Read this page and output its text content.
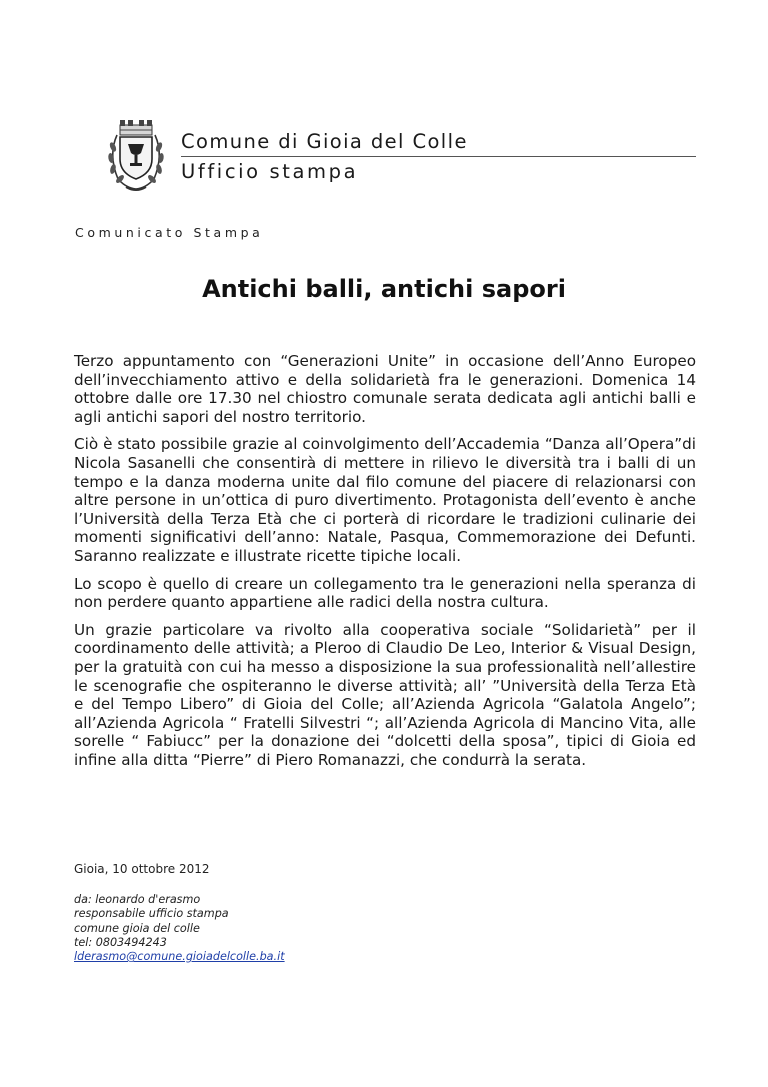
Comune di Gioia del Colle
Ufficio stampa
Comunicato Stampa
Antichi balli, antichi sapori

Terzo appuntamento con “Generazioni Unite” in occasione dell’Anno Europeo dell’invecchiamento attivo e della solidarietà fra le generazioni. Domenica 14 ottobre dalle ore 17.30 nel chiostro comunale serata dedicata agli antichi balli e agli antichi sapori del nostro territorio.

Ciò è stato possibile grazie al coinvolgimento dell’Accademia “Danza all’Opera”di Nicola Sasanelli che consentirà di mettere in rilievo le diversità tra i balli di un tempo e la danza moderna unite dal filo comune del piacere di relazionarsi con altre persone in un’ottica di puro divertimento. Protagonista dell’evento è anche l’Università della Terza Età che ci porterà di ricordare le tradizioni culinarie dei momenti significativi dell’anno: Natale, Pasqua, Commemorazione dei Defunti. Saranno realizzate e illustrate ricette tipiche locali.

Lo scopo è quello di creare un collegamento tra le generazioni nella speranza di non perdere quanto appartiene alle radici della nostra cultura.

Un grazie particolare va rivolto alla cooperativa sociale “Solidarietà” per il coordinamento delle attività; a Pleroo di Claudio De Leo, Interior & Visual Design, per la gratuità con cui ha messo a disposizione la sua professionalità nell’allestire le scenografie che ospiteranno le diverse attività; all’ ”Università della Terza Età e del Tempo Libero” di Gioia del Colle; all’Azienda Agricola “Galatola Angelo”; all’Azienda Agricola “ Fratelli Silvestri “; all’Azienda Agricola di Mancino Vita, alle sorelle “ Fabiucc” per la donazione dei “dolcetti della sposa”, tipici di Gioia ed infine alla ditta “Pierre” di Piero Romanazzi, che condurrà la serata.

Gioia, 10 ottobre 2012
da: leonardo d'erasmo
responsabile ufficio stampa
comune gioia del colle
tel: 0803494243
lderasmo@comune.gioiadelcolle.ba.it
